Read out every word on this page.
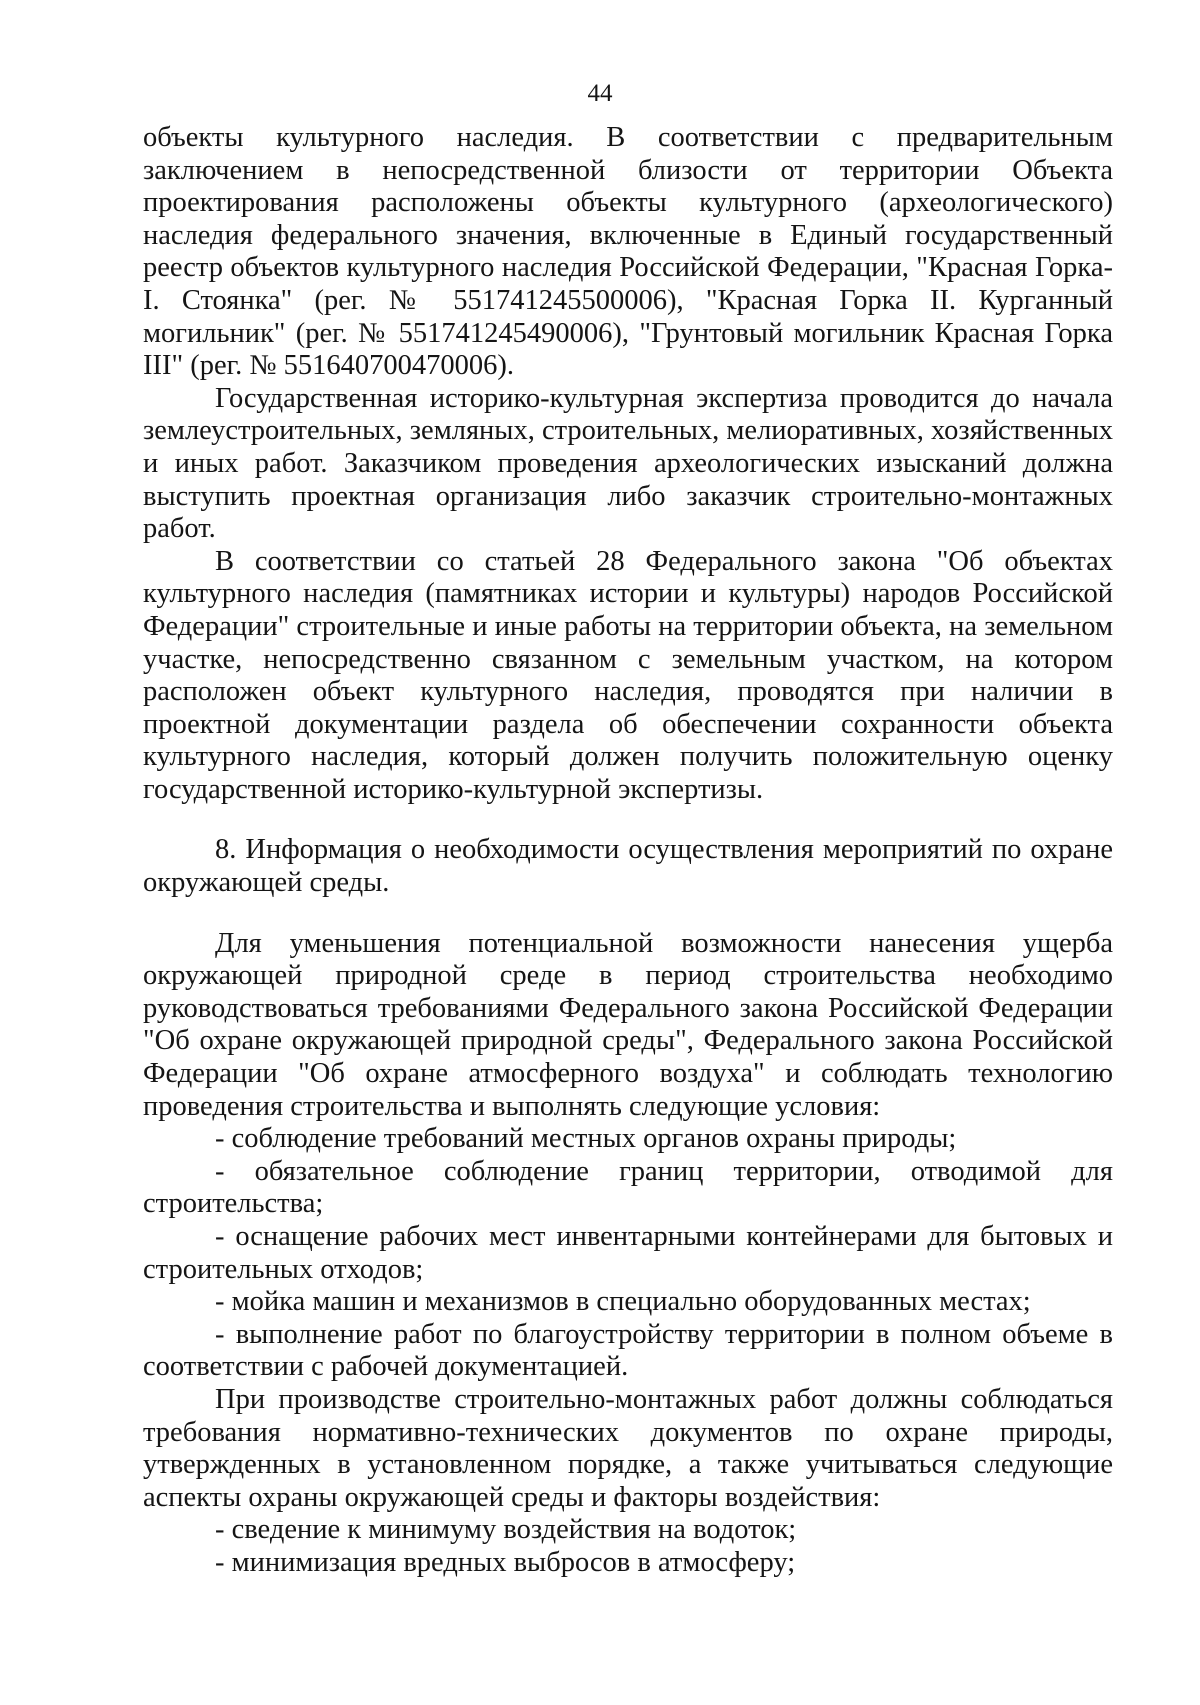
44

объекты культурного наследия. В соответствии с предварительным заключением в непосредственной близости от территории Объекта проектирования расположены объекты культурного (археологического) наследия федерального значения, включенные в Единый государственный реестр объектов культурного наследия Российской Федерации, "Красная Горка-I. Стоянка" (рег. № 551741245500006), "Красная Горка II. Курганный могильник" (рег. № 551741245490006), "Грунтовый могильник Красная Горка III" (рег. № 551640700470006).

Государственная историко-культурная экспертиза проводится до начала землеустроительных, земляных, строительных, мелиоративных, хозяйственных и иных работ. Заказчиком проведения археологических изысканий должна выступить проектная организация либо заказчик строительно-монтажных работ.

В соответствии со статьей 28 Федерального закона "Об объектах культурного наследия (памятниках истории и культуры) народов Российской Федерации" строительные и иные работы на территории объекта, на земельном участке, непосредственно связанном с земельным участком, на котором расположен объект культурного наследия, проводятся при наличии в проектной документации раздела об обеспечении сохранности объекта культурного наследия, который должен получить положительную оценку государственной историко-культурной экспертизы.

8. Информация о необходимости осуществления мероприятий по охране окружающей среды.

Для уменьшения потенциальной возможности нанесения ущерба окружающей природной среде в период строительства необходимо руководствоваться требованиями Федерального закона Российской Федерации "Об охране окружающей природной среды", Федерального закона Российской Федерации "Об охране атмосферного воздуха" и соблюдать технологию проведения строительства и выполнять следующие условия:

- соблюдение требований местных органов охраны природы;

- обязательное соблюдение границ территории, отводимой для строительства;

- оснащение рабочих мест инвентарными контейнерами для бытовых и строительных отходов;

- мойка машин и механизмов в специально оборудованных местах;

- выполнение работ по благоустройству территории в полном объеме в соответствии с рабочей документацией.

При производстве строительно-монтажных работ должны соблюдаться требования нормативно-технических документов по охране природы, утвержденных в установленном порядке, а также учитываться следующие аспекты охраны окружающей среды и факторы воздействия:

- сведение к минимуму воздействия на водоток;

- минимизация вредных выбросов в атмосферу;
